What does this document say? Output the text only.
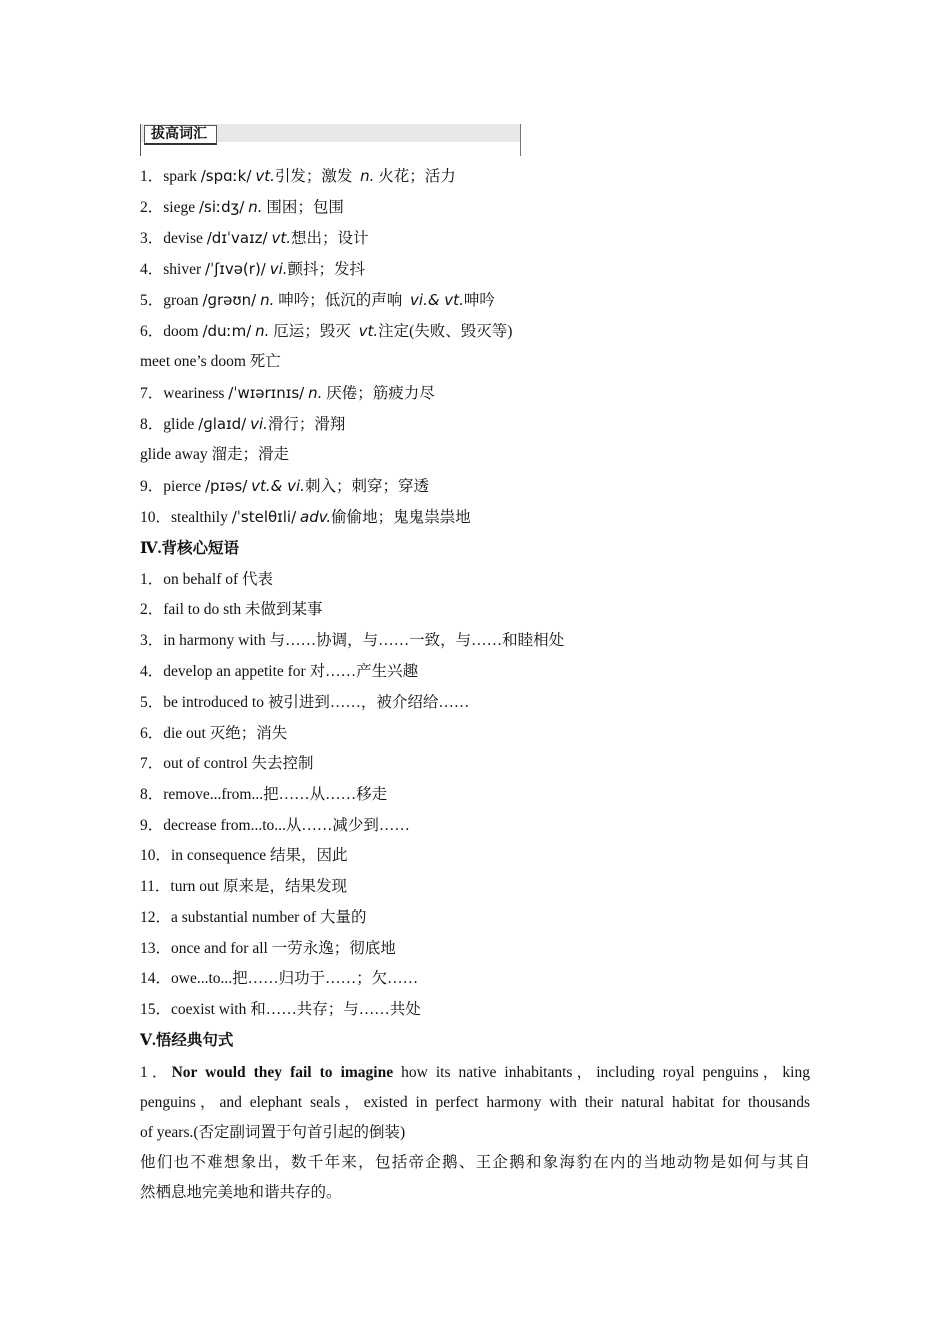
拔高词汇
1．spark /spɑːk/ vt.引发；激发 n. 火花；活力
2．siege /siːdʒ/ n. 围困；包围
3．devise /dɪˈvaɪz/ vt.想出；设计
4．shiver /ˈʃɪvə(r)/ vi.颤抖；发抖
5．groan /ɡrəʊn/ n. 呻吟；低沉的声响 vi.& vt.呻吟
6．doom /duːm/ n. 厄运；毁灭 vt.注定(失败、毁灭等)
meet one’s doom 死亡
7．weariness /ˈwɪərɪnɪs/ n. 厌倦；筋疲力尽
8．glide /ɡlaɪd/ vi.滑行；滑翔
glide away 溜走；滑走
9．pierce /pɪəs/ vt.& vi.刺入；刺穿；穿透
10．stealthily /ˈstelθɪli/ adv.偷偷地；鬼鬼祟祟地
Ⅳ.背核心短语
1．on behalf of 代表
2．fail to do sth 未做到某事
3．in harmony with 与……协调，与……一致，与……和睦相处
4．develop an appetite for 对……产生兴趣
5．be introduced to 被引进到……，被介绍给……
6．die out 灭绝；消失
7．out of control 失去控制
8．remove...from...把……从……移走
9．decrease from...to...从……减少到……
10．in consequence 结果，因此
11．turn out 原来是，结果发现
12．a substantial number of 大量的
13．once and for all 一劳永逸；彻底地
14．owe...to...把……归功于……；欠……
15．coexist with 和……共存；与……共处
Ⅴ.悟经典句式
1．Nor would they fail to imagine how its native inhabitants，including royal penguins，king
penguins，and elephant seals，existed in perfect harmony with their natural habitat for thousands
of years.(否定副词置于句首引起的倒装)
他们也不难想象出，数千年来，包括帝企鹅、王企鹅和象海豹在内的当地动物是如何与其自
然栖息地完美地和谐共存的。
